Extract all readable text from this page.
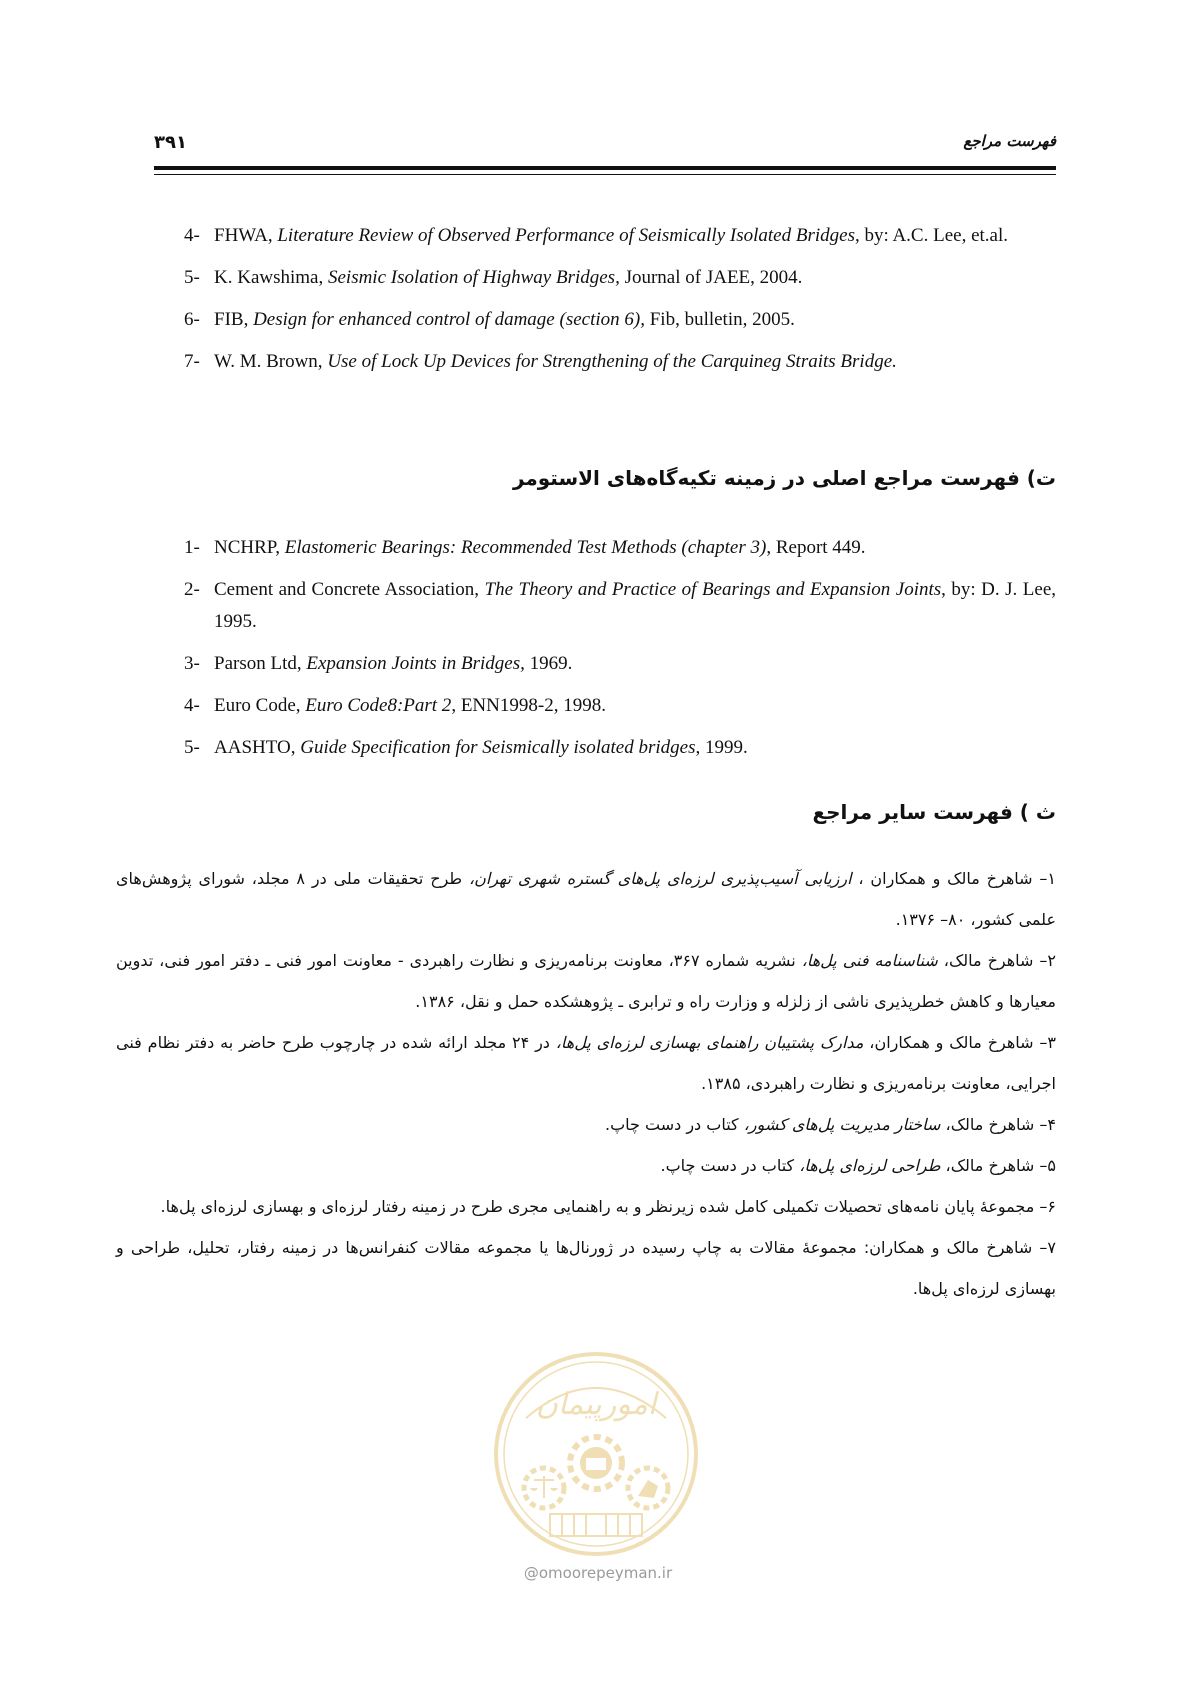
۳۹۱	فهرست مراجع
4- FHWA, Literature Review of Observed Performance of Seismically Isolated Bridges, by: A.C. Lee, et.al.
5- K. Kawshima, Seismic Isolation of Highway Bridges, Journal of JAEE, 2004.
6- FIB, Design for enhanced control of damage (section 6), Fib, bulletin, 2005.
7- W. M. Brown, Use of Lock Up Devices for Strengthening of the Carquineg Straits Bridge.
ت) فهرست مراجع اصلی در زمینه تکیه‌گاه‌های الاستومر
1- NCHRP, Elastomeric Bearings: Recommended Test Methods (chapter 3), Report 449.
2- Cement and Concrete Association, The Theory and Practice of Bearings and Expansion Joints, by: D. J. Lee, 1995.
3- Parson Ltd, Expansion Joints in Bridges, 1969.
4- Euro Code, Euro Code8:Part 2, ENN1998-2, 1998.
5- AASHTO, Guide Specification for Seismically isolated bridges, 1999.
ث ) فهرست سایر مراجع
۱– شاهرخ مالک و همکاران ، ارزیابی آسیب‌پذیری لرزه‌ای پل‌های گستره شهری تهران، طرح تحقیقات ملی در ۸ مجلد، شورای پژوهش‌های علمی کشور، ۸۰– ۱۳۷۶.
۲– شاهرخ مالک، شناسنامه فنی پل‌ها، نشریه شماره ۳۶۷، معاونت برنامه‌ریزی و نظارت راهبردی - معاونت امور فنی ـ دفتر امور فنی، تدوین معیارها و کاهش خطرپذیری ناشی از زلزله و وزارت راه و ترابری ـ پژوهشکده حمل و نقل، ۱۳۸۶.
۳– شاهرخ مالک و همکاران، مدارک پشتیبان راهنمای بهسازی لرزه‌ای پل‌ها، در ۲۴ مجلد ارائه شده در چارچوب طرح حاضر به دفتر نظام فنی اجرایی، معاونت برنامه‌ریزی و نظارت راهبردی، ۱۳۸۵.
۴– شاهرخ مالک، ساختار مدیریت پل‌های کشور، کتاب در دست چاپ.
۵– شاهرخ مالک، طراحی لرزه‌ای پل‌ها، کتاب در دست چاپ.
۶– مجموعهٔ پایان نامه‌های تحصیلات تکمیلی کامل شده زیرنظر و به راهنمایی مجری طرح در زمینه رفتار لرزه‌ای و بهسازی لرزه‌ای پل‌ها.
۷– شاهرخ مالک و همکاران: مجموعهٔ مقالات به چاپ رسیده در ژورنال‌ها یا مجموعه مقالات کنفرانس‌ها در زمینه رفتار، تحلیل، طراحی و بهسازی لرزه‌ای پل‌ها.
امورپیمان
@omoorepeyman.ir
